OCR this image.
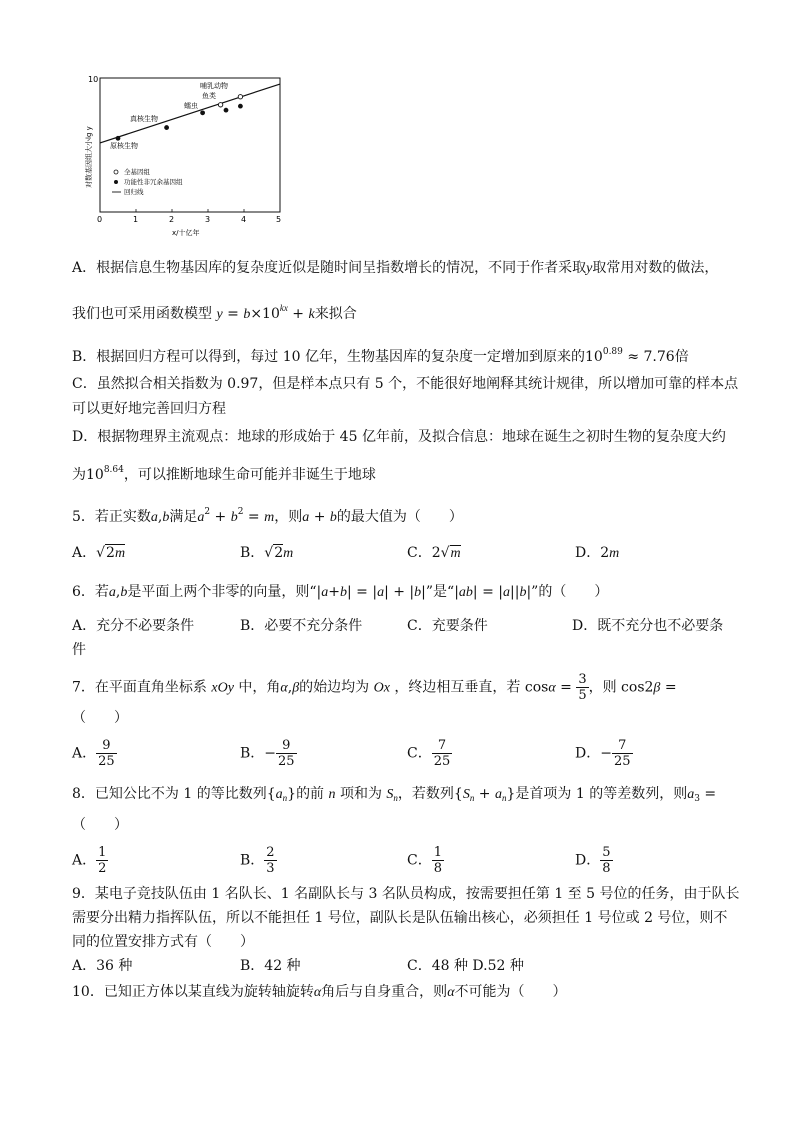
对数基因组大小lg y
10
x/十亿年
0	1	2	3	4	5
哺乳动物
鱼类
蠕虫
真核生物
原核生物
全基因组
功能性非冗余基因组
回归线
A．根据信息生物基因库的复杂度近似是随时间呈指数增长的情况，不同于作者采取y取常用对数的做法，
我们也可采用函数模型 $y = b\times 10^{kx} + k$来拟合
B．根据回归方程可以得到，每过 10 亿年，生物基因库的复杂度一定增加到原来的$10^{0.89} \approx 7.76$倍
C．虽然拟合相关指数为 0.97，但是样本点只有 5 个，不能很好地阐释其统计规律，所以增加可靠的样本点
可以更好地完善回归方程
D．根据物理界主流观点：地球的形成始于 45 亿年前，及拟合信息：地球在诞生之初时生物的复杂度大约
为$10^{8.64}$，可以推断地球生命可能并非诞生于地球
5．若正实数a,b满足$a^2 + b^2 = m$，则a + b的最大值为（　　）
A．√2m	B．√2m	C．2√m	D．2m
6．若a,b是平面上两个非零的向量，则“|a+b| = |a| + |b|”是“|ab| = |a||b|”的（　　）
A．充分不必要条件	B．必要不充分条件	C．充要条件	D．既不充分也不必要条
件
7．在平面直角坐标系 xOy 中，角α,β的始边均为 Ox ，终边相互垂直，若 $\cos\alpha = \frac{3}{5}$ ，则 cos2β =
（　　）
A． $\frac{9}{25}$	B．− $\frac{9}{25}$	C． $\frac{7}{25}$	D．− $\frac{7}{25}$
8．已知公比不为 1 的等比数列$\{a_n\}$的前 n 项和为 $S_n$，若数列$\{S_n + a_n\}$是首项为 1 的等差数列，则$a_3$ =
（　　）
A． $\frac{1}{2}$	B． $\frac{2}{3}$	C． $\frac{1}{8}$	D． $\frac{5}{8}$
9．某电子竞技队伍由 1 名队长、1 名副队长与 3 名队员构成，按需要担任第 1 至 5 号位的任务，由于队长
需要分出精力指挥队伍，所以不能担任 1 号位，副队长是队伍输出核心，必须担任 1 号位或 2 号位，则不
同的位置安排方式有（　　）
A．36 种	B．42 种	C．48 种 D.52 种
10．已知正方体以某直线为旋转轴旋转α角后与自身重合，则α不可能为（　　）
